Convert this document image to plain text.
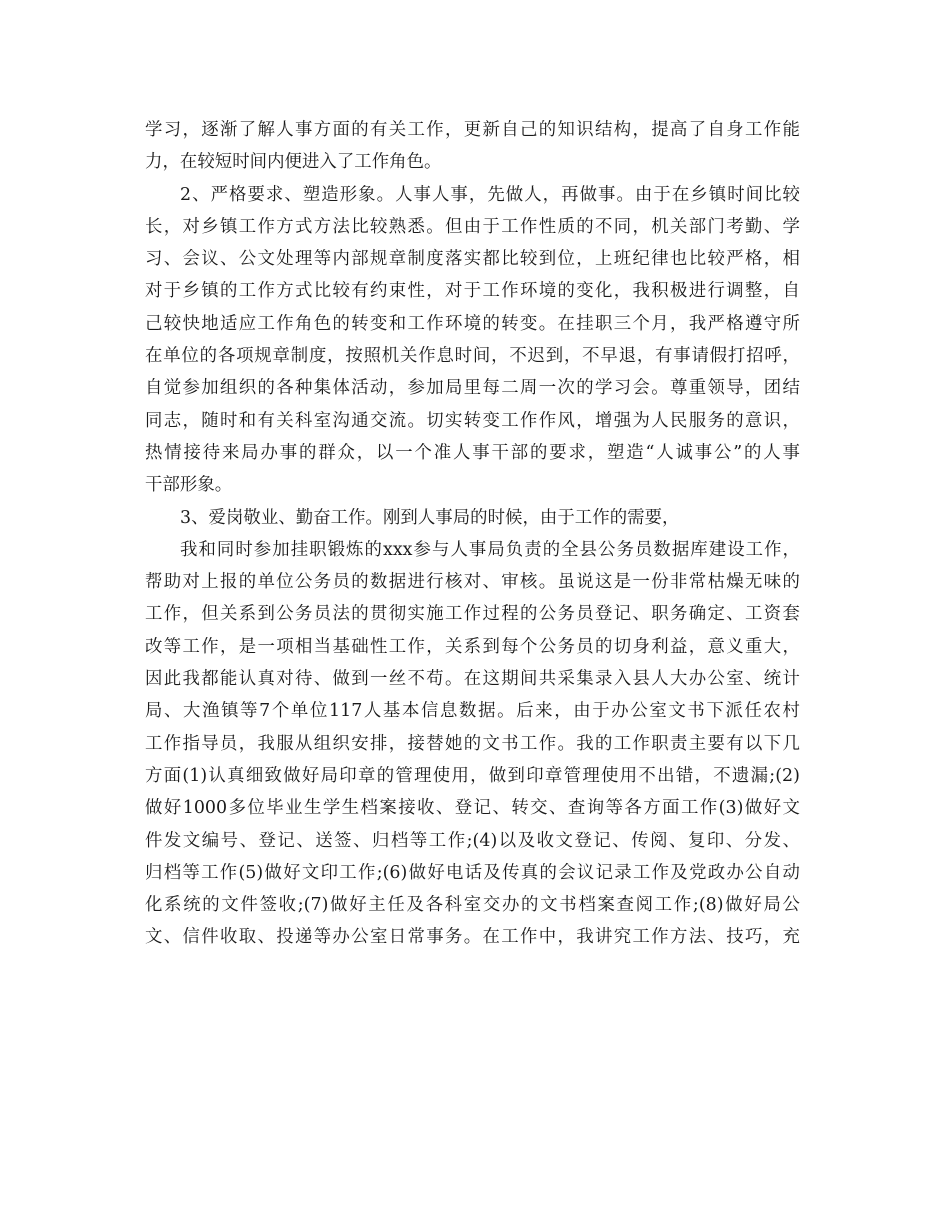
学习，逐渐了解人事方面的有关工作，更新自己的知识结构，提高了自身工作能
力，在较短时间内便进入了工作角色。
2、严格要求、塑造形象。人事人事，先做人，再做事。由于在乡镇时间比较
长，对乡镇工作方式方法比较熟悉。但由于工作性质的不同，机关部门考勤、学
习、会议、公文处理等内部规章制度落实都比较到位，上班纪律也比较严格，相
对于乡镇的工作方式比较有约束性，对于工作环境的变化，我积极进行调整，自
己较快地适应工作角色的转变和工作环境的转变。在挂职三个月，我严格遵守所
在单位的各项规章制度，按照机关作息时间，不迟到，不早退，有事请假打招呼，
自觉参加组织的各种集体活动，参加局里每二周一次的学习会。尊重领导，团结
同志，随时和有关科室沟通交流。切实转变工作作风，增强为人民服务的意识，
热情接待来局办事的群众，以一个准人事干部的要求，塑造“人诚事公”的人事
干部形象。
3、爱岗敬业、勤奋工作。刚到人事局的时候，由于工作的需要，
我和同时参加挂职锻炼的xxx参与人事局负责的全县公务员数据库建设工作，
帮助对上报的单位公务员的数据进行核对、审核。虽说这是一份非常枯燥无味的
工作，但关系到公务员法的贯彻实施工作过程的公务员登记、职务确定、工资套
改等工作，是一项相当基础性工作，关系到每个公务员的切身利益，意义重大，
因此我都能认真对待、做到一丝不苟。在这期间共采集录入县人大办公室、统计
局、大渔镇等7个单位117人基本信息数据。后来，由于办公室文书下派任农村
工作指导员，我服从组织安排，接替她的文书工作。我的工作职责主要有以下几
方面(1)认真细致做好局印章的管理使用，做到印章管理使用不出错，不遗漏;(2)
做好1000多位毕业生学生档案接收、登记、转交、查询等各方面工作(3)做好文
件发文编号、登记、送签、归档等工作;(4)以及收文登记、传阅、复印、分发、
归档等工作(5)做好文印工作;(6)做好电话及传真的会议记录工作及党政办公自动
化系统的文件签收;(7)做好主任及各科室交办的文书档案查阅工作;(8)做好局公
文、信件收取、投递等办公室日常事务。在工作中，我讲究工作方法、技巧，充
